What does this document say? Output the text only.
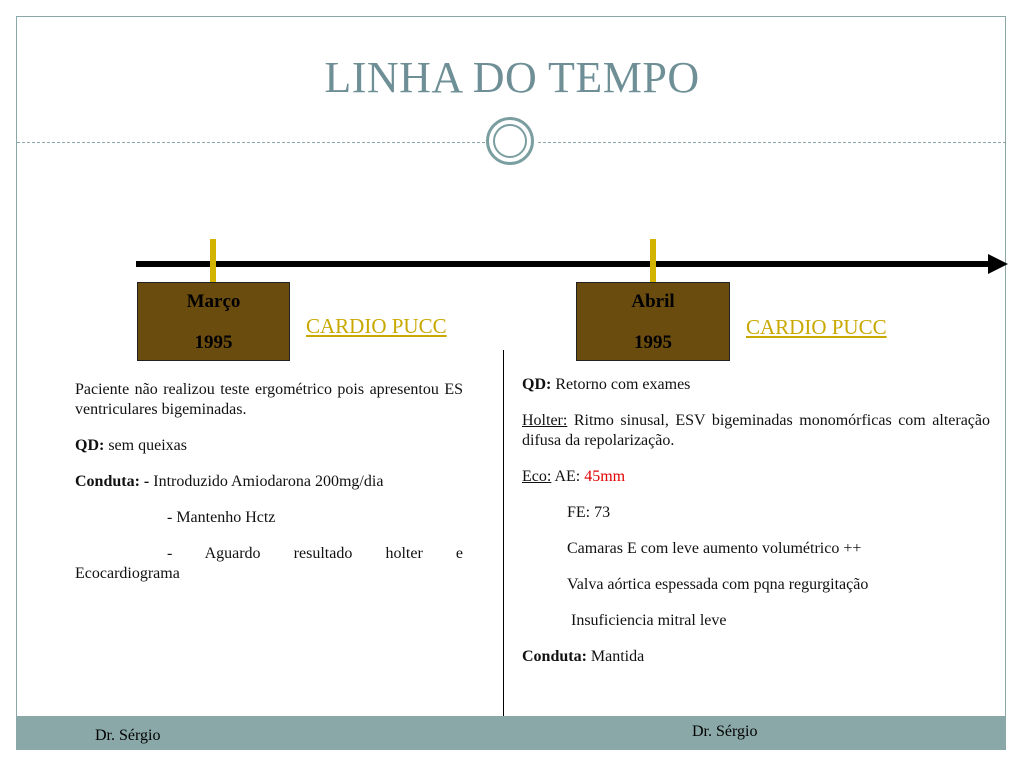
LINHA DO TEMPO
Março
1995
Abril
1995
CARDIO PUCC	CARDIO PUCC

Paciente não realizou teste ergométrico pois apresentou ES ventriculares bigeminadas.

QD: sem queixas

Conduta: - Introduzido Amiodarona 200mg/dia

- Mantenho Hctz

- Aguardo resultado holter e
Ecocardiograma

QD: Retorno com exames

Holter: Ritmo sinusal, ESV bigeminadas monomórficas com alteração difusa da repolarização.

Eco: AE: 45mm

FE: 73

Camaras E com leve aumento volumétrico ++

Valva aórtica espessada com pqna regurgitação

Insuficiencia mitral leve

Conduta: Mantida

Dr. Sérgio	Dr. Sérgio
